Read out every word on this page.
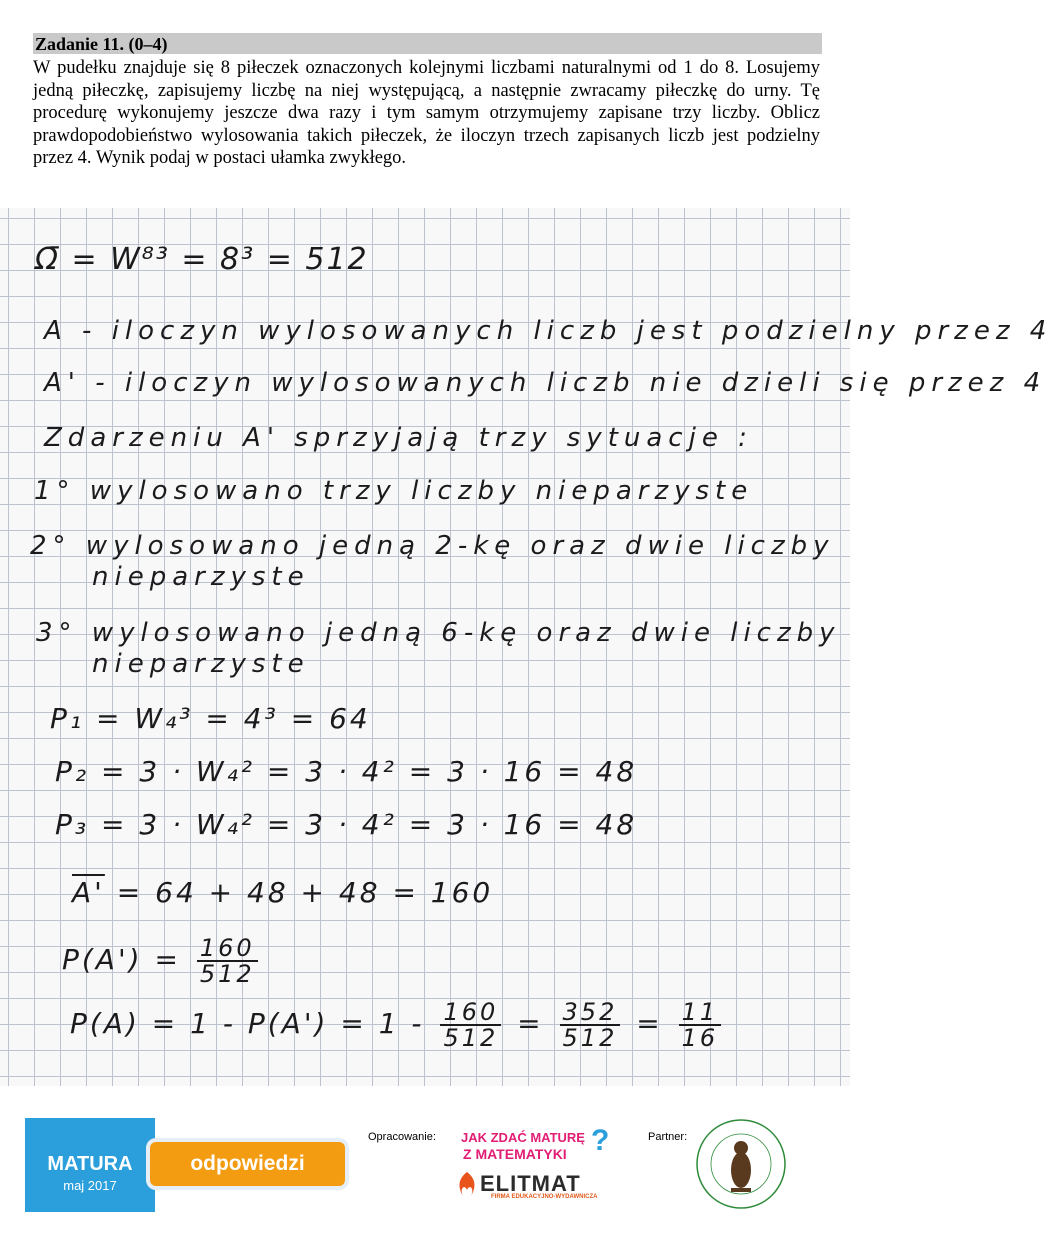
Zadanie 11. (0–4)
W pudełku znajduje się 8 piłeczek oznaczonych kolejnymi liczbami naturalnymi od 1 do 8. Losujemy jedną piłeczkę, zapisujemy liczbę na niej występującą, a następnie zwracamy piłeczkę do urny. Tę procedurę wykonujemy jeszcze dwa razy i tym samym otrzymujemy zapisane trzy liczby. Oblicz prawdopodobieństwo wylosowania takich piłeczek, że iloczyn trzech zapisanych liczb jest podzielny przez 4. Wynik podaj w postaci ułamka zwykłego.
Ω̄ = W⁸³ = 8³ = 512
A - iloczyn wylosowanych liczb jest podzielny przez 4
A' - iloczyn wylosowanych liczb nie dzieli się przez 4
Zdarzeniu A' sprzyjają trzy sytuacje :
1° wylosowano trzy liczby nieparzyste
2° wylosowano jedną 2-kę oraz dwie liczby
nieparzyste
3° wylosowano jedną 6-kę oraz dwie liczby
nieparzyste
P₁ = W₄³ = 4³ = 64
P₂ = 3 · W₄² = 3 · 4² = 3 · 16 = 48
P₃ = 3 · W₄² = 3 · 4² = 3 · 16 = 48
A' = 64 + 48 + 48 = 160
$P(A') = \frac{160}{512}$
$P(A) = 1 - P(A') = 1 - \frac{160}{512} = \frac{352}{512} = \frac{11}{16}$
MATURA
maj 2017
odpowiedzi
Opracowanie: JAK ZDAĆ MATURĘ
Z MATEMATYKI ?
ELITMAT
FIRMA EDUKACYJNO-WYDAWNICZA
Partner:
